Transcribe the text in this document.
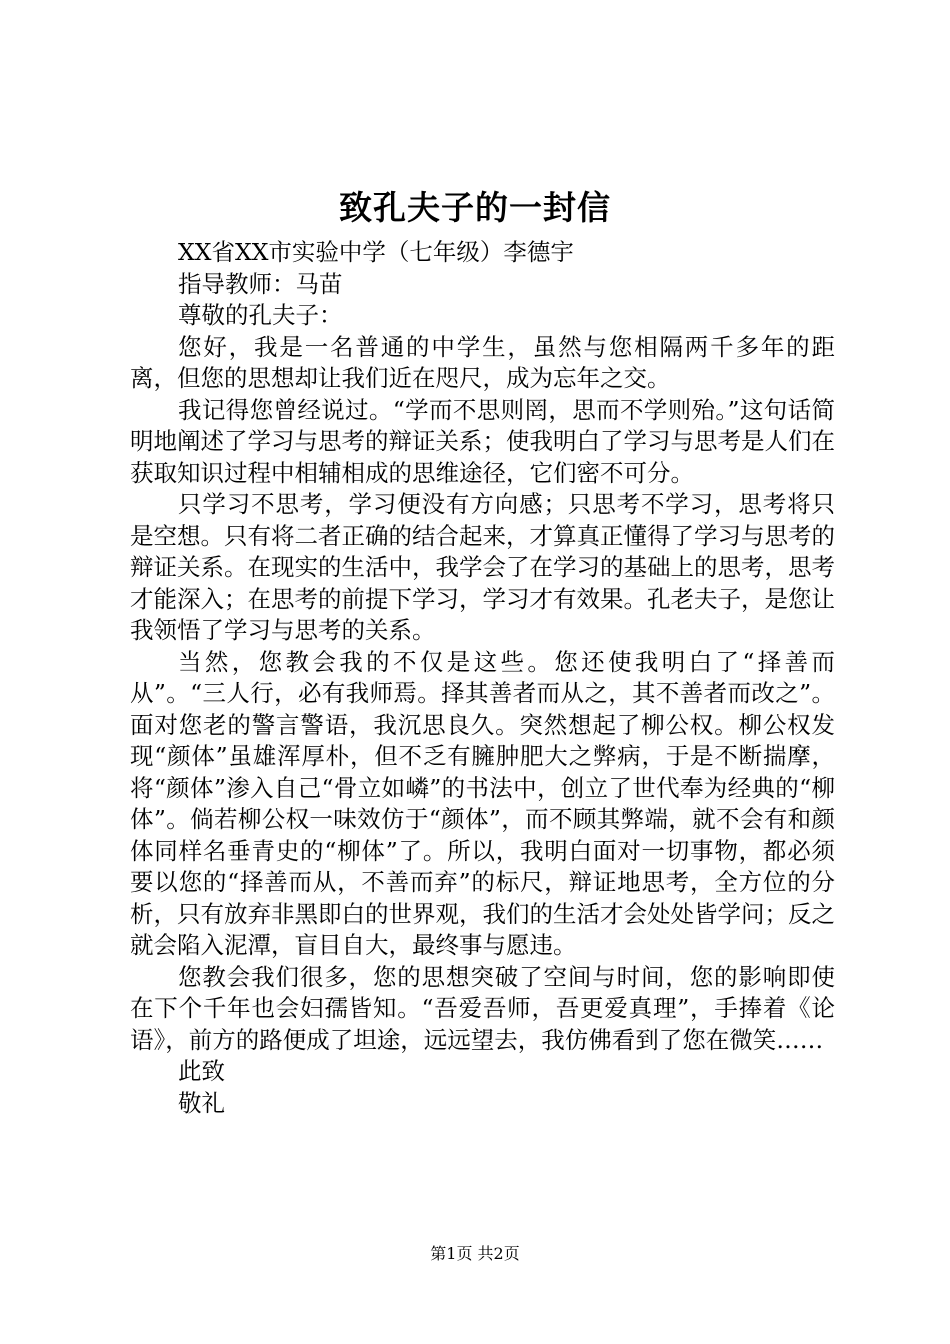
致孔夫子的一封信

XX省XX市实验中学（七年级）李德宇

指导教师：马苗

尊敬的孔夫子：

您好，我是一名普通的中学生，虽然与您相隔两千多年的距离，但您的思想却让我们近在咫尺，成为忘年之交。

我记得您曾经说过。“学而不思则罔，思而不学则殆。”这句话简明地阐述了学习与思考的辩证关系；使我明白了学习与思考是人们在获取知识过程中相辅相成的思维途径，它们密不可分。

只学习不思考，学习便没有方向感；只思考不学习，思考将只是空想。只有将二者正确的结合起来，才算真正懂得了学习与思考的辩证关系。在现实的生活中，我学会了在学习的基础上的思考，思考才能深入；在思考的前提下学习，学习才有效果。孔老夫子，是您让我领悟了学习与思考的关系。

当然，您教会我的不仅是这些。您还使我明白了“择善而从”。“三人行，必有我师焉。择其善者而从之，其不善者而改之”。面对您老的警言警语，我沉思良久。突然想起了柳公权。柳公权发现“颜体”虽雄浑厚朴，但不乏有臃肿肥大之弊病，于是不断揣摩，将“颜体”渗入自己“骨立如嶙”的书法中，创立了世代奉为经典的“柳体”。倘若柳公权一味效仿于“颜体”，而不顾其弊端，就不会有和颜体同样名垂青史的“柳体”了。所以，我明白面对一切事物，都必须要以您的“择善而从，不善而弃”的标尺，辩证地思考，全方位的分析，只有放弃非黑即白的世界观，我们的生活才会处处皆学问；反之就会陷入泥潭，盲目自大，最终事与愿违。

您教会我们很多，您的思想突破了空间与时间，您的影响即使在下个千年也会妇孺皆知。“吾爱吾师，吾更爱真理”，手捧着《论语》，前方的路便成了坦途，远远望去，我仿佛看到了您在微笑……

此致

敬礼

第1页 共2页
